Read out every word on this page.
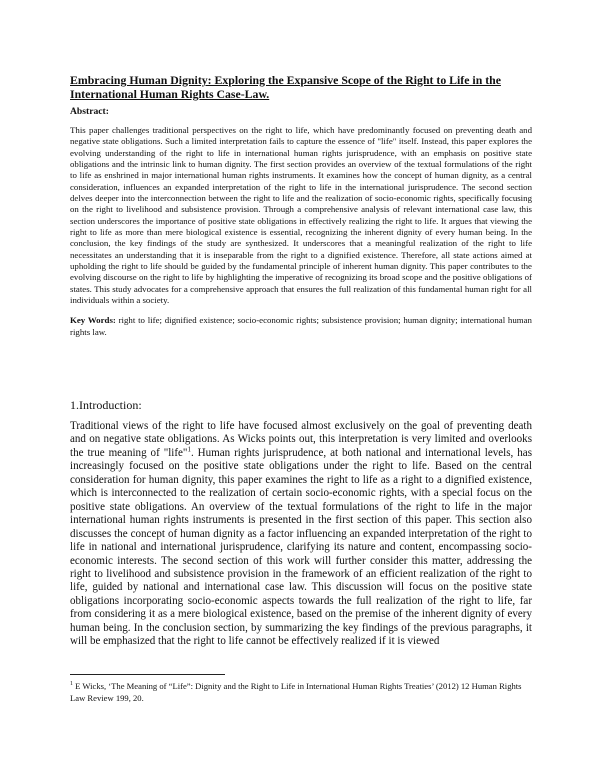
Embracing Human Dignity: Exploring the Expansive Scope of the Right to Life in the International Human Rights Case-Law.
Abstract:

This paper challenges traditional perspectives on the right to life, which have predominantly focused on preventing death and negative state obligations. Such a limited interpretation fails to capture the essence of "life" itself. Instead, this paper explores the evolving understanding of the right to life in international human rights jurisprudence, with an emphasis on positive state obligations and the intrinsic link to human dignity. The first section provides an overview of the textual formulations of the right to life as enshrined in major international human rights instruments. It examines how the concept of human dignity, as a central consideration, influences an expanded interpretation of the right to life in the international jurisprudence. The second section delves deeper into the interconnection between the right to life and the realization of socio-economic rights, specifically focusing on the right to livelihood and subsistence provision. Through a comprehensive analysis of relevant international case law, this section underscores the importance of positive state obligations in effectively realizing the right to life. It argues that viewing the right to life as more than mere biological existence is essential, recognizing the inherent dignity of every human being. In the conclusion, the key findings of the study are synthesized. It underscores that a meaningful realization of the right to life necessitates an understanding that it is inseparable from the right to a dignified existence. Therefore, all state actions aimed at upholding the right to life should be guided by the fundamental principle of inherent human dignity. This paper contributes to the evolving discourse on the right to life by highlighting the imperative of recognizing its broad scope and the positive obligations of states. This study advocates for a comprehensive approach that ensures the full realization of this fundamental human right for all individuals within a society.

Key Words: right to life; dignified existence; socio-economic rights; subsistence provision; human dignity; international human rights law.

1.Introduction:

Traditional views of the right to life have focused almost exclusively on the goal of preventing death and on negative state obligations. As Wicks points out, this interpretation is very limited and overlooks the true meaning of "life"$^1$. Human rights jurisprudence, at both national and international levels, has increasingly focused on the positive state obligations under the right to life. Based on the central consideration for human dignity, this paper examines the right to life as a right to a dignified existence, which is interconnected to the realization of certain socio-economic rights, with a special focus on the positive state obligations. An overview of the textual formulations of the right to life in the major international human rights instruments is presented in the first section of this paper. This section also discusses the concept of human dignity as a factor influencing an expanded interpretation of the right to life in national and international jurisprudence, clarifying its nature and content, encompassing socio-economic interests. The second section of this work will further consider this matter, addressing the right to livelihood and subsistence provision in the framework of an efficient realization of the right to life, guided by national and international case law. This discussion will focus on the positive state obligations incorporating socio-economic aspects towards the full realization of the right to life, far from considering it as a mere biological existence, based on the premise of the inherent dignity of every human being. In the conclusion section, by summarizing the key findings of the previous paragraphs, it will be emphasized that the right to life cannot be effectively realized if it is viewed

$^1$ E Wicks, ‘The Meaning of “Life”: Dignity and the Right to Life in International Human Rights Treaties’ (2012) 12 Human Rights Law Review 199, 20.
